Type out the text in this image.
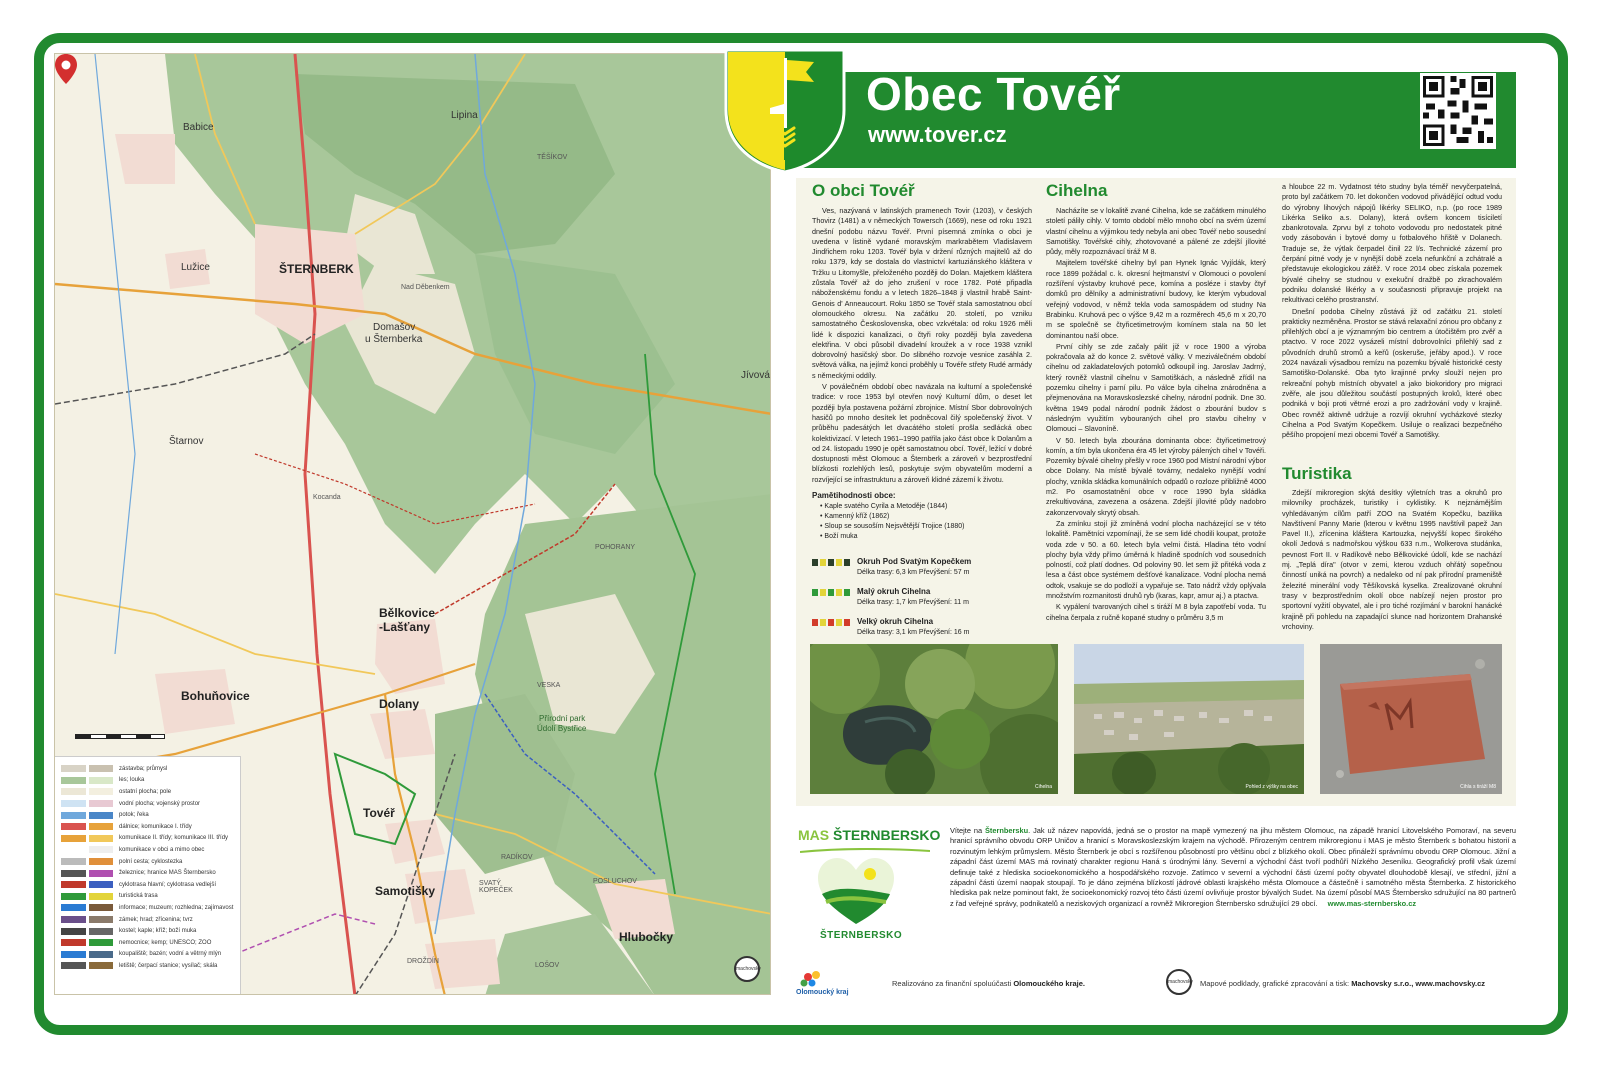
ŠTERNBERK
Bělkovice
-Lašťany
Dolany
Bohuňovice
Samotišky
Tovéř
Hlubočky
Jívová
Štarnov
Babice
Lužice
Lipina
TĚŠÍKOV
Domašov
u Šternberka
POHORANY
VESKA
RADÍKOV
SVATÝ KOPEČEK
POSLUCHOV
DROŽDÍN
LOŠOV
Přírodní park
Údolí Bystřice
Kocanda
Nad Děbenkem
zástavba; průmysl
les; louka
ostatní plocha; pole
vodní plocha; vojenský prostor
potok; řeka
dálnice; komunikace I. třídy
komunikace II. třídy; komunikace III. třídy
komunikace v obci a mimo obec
polní cesta; cyklostezka
železnice; hranice MAS Šternbersko
cyklotrasa hlavní; cyklotrasa vedlejší
turistická trasa
informace; muzeum; rozhledna; zajímavost
zámek; hrad; zřícenina; tvrz
kostel; kaple; kříž; boží muka
nemocnice; kemp; UNESCO; ZOO
koupaliště; bazén; vodní a větrný mlýn
letiště; čerpací stanice; vysílač; skála
machovsky
Obec Tovéř
www.tover.cz
O obci Tovéř

Ves, nazývaná v latinských pramenech Tovir (1203), v českých Thovirz (1481) a v německých Towersch (1669), nese od roku 1921 dnešní podobu názvu Tovéř. První písemná zmínka o obci je uvedena v listině vydané moravským markrabětem Vladislavem Jindřichem roku 1203. Tovéř byla v držení různých majitelů až do roku 1379, kdy se dostala do vlastnictví kartuziánského kláštera v Tržku u Litomyšle, přeloženého později do Dolan. Majetkem kláštera zůstala Tovéř až do jeho zrušení v roce 1782. Poté připadla náboženskému fondu a v letech 1826–1848 ji vlastnil hrabě Saint-Genois d' Anneaucourt. Roku 1850 se Tovéř stala samostatnou obcí olomouckého okresu. Na začátku 20. století, po vzniku samostatného Československa, obec vzkvétala: od roku 1926 měli lidé k dispozici kanalizaci, o čtyři roky později byla zavedena elektřina. V obci působil divadelní kroužek a v roce 1938 vznikl dobrovolný hasičský sbor. Do slibného rozvoje vesnice zasáhla 2. světová válka, na jejímž konci proběhly u Tovéře střety Rudé armády s německými oddíly.

V poválečném období obec navázala na kulturní a společenské tradice: v roce 1953 byl otevřen nový Kulturní dům, o deset let později byla postavena požární zbrojnice. Místní Sbor dobrovolných hasičů po mnoho desítek let podněcoval čilý společenský život. V průběhu padesátých let dvacátého století prošla sedlácká obec kolektivizací. V letech 1961–1990 patřila jako část obce k Dolanům a od 24. listopadu 1990 je opět samostatnou obcí. Tovéř, ležící v dobré dostupnosti měst Olomouc a Šternberk a zároveň v bezprostřední blízkosti rozlehlých lesů, poskytuje svým obyvatelům moderní a rozvíjející se infrastrukturu a zároveň klidné zázemí k životu.

Pamětihodnosti obce:

• Kaple svatého Cyrila a Metoděje (1844)
• Kamenný kříž (1862)
• Sloup se sousoším Nejsvětější Trojice (1880)
• Boží muka
Okruh Pod Svatým Kopečkem
Délka trasy: 6,3 km Převýšení: 57 m
Malý okruh Cihelna
Délka trasy: 1,7 km Převýšení: 11 m
Velký okruh Cihelna
Délka trasy: 3,1 km Převýšení: 16 m
Cihelna

Nacházíte se v lokalitě zvané Cihelna, kde se začátkem minulého století pálily cihly. V tomto období mělo mnoho obcí na svém území vlastní cihelnu a výjimkou tedy nebyla ani obec Tovéř nebo sousední Samotišky. Tovéřské cihly, zhotovované a pálené ze zdejší jílovité půdy, měly rozpoznávací tiráž M 8.

Majitelem tovéřské cihelny byl pan Hynek Ignác Vyjídák, který roce 1899 požádal c. k. okresní hejtmanství v Olomouci o povolení rozšíření výstavby kruhové pece, komína a posléze i stavby čtyř domků pro dělníky a administrativní budovy, ke kterým vybudoval veřejný vodovod, v němž tekla voda samospádem od studny Na Brabinku. Kruhová pec o výšce 9,42 m a rozměrech 45,6 m x 20,70 m se společně se čtyřicetimetrovým komínem stala na 50 let dominantou naší obce.

První cihly se zde začaly pálit již v roce 1900 a výroba pokračovala až do konce 2. světové války. V meziválečném období cihelnu od zakladatelových potomků odkoupil ing. Jaroslav Jadrný, který rovněž vlastnil cihelnu v Samotiškách, a následně zřídil na pozemku cihelny i parní pilu. Po válce byla cihelna znárodněna a přejmenována na Moravskoslezské cihelny, národní podnik. Dne 30. května 1949 podal národní podnik žádost o zbourání budov s následným využitím vybouraných cihel pro stavbu cihelny v Olomouci – Slavoníně.

V 50. letech byla zbourána dominanta obce: čtyřicetimetrový komín, a tím byla ukončena éra 45 let výroby pálených cihel v Tovéři. Pozemky bývalé cihelny přešly v roce 1960 pod Místní národní výbor obce Dolany. Na místě bývalé továrny, nedaleko nynější vodní plochy, vznikla skládka komunálních odpadů o rozloze přibližně 4000 m2. Po osamostatnění obce v roce 1990 byla skládka zrekultivována, zavezena a osázena. Zdejší jílovité půdy nadobro zakonzervovaly skrytý obsah.

Za zmínku stojí již zmíněná vodní plocha nacházející se v této lokalitě. Pamětníci vzpomínají, že se sem lidé chodili koupat, protože voda zde v 50. a 60. letech byla velmi čistá. Hladina této vodní plochy byla vždy přímo úměrná k hladině spodních vod sousedních polností, což platí dodnes. Od poloviny 90. let sem již přitéká voda z lesa a část obce systémem dešťové kanalizace. Vodní plocha nemá odtok, vsakuje se do podloží a vypařuje se. Tato nádrž vždy oplývala množstvím rozmanitosti druhů ryb (karas, kapr, amur aj.) a ptactva.

K vypálení tvarovaných cihel s tiráží M 8 byla zapotřebí voda. Tu cihelna čerpala z ručně kopané studny o průměru 3,5 m

a hloubce 22 m. Vydatnost této studny byla téměř nevyčerpatelná, proto byl začátkem 70. let dokončen vodovod přivádějící odtud vodu do výrobny lihových nápojů likérky SELIKO, n.p. (po roce 1989 Likérka Seliko a.s. Dolany), která ovšem koncem tisíciletí zbankrotovala. Zprvu byl z tohoto vodovodu pro nedostatek pitné vody zásobován i bytové domy u fotbalového hřiště v Dolanech. Traduje se, že výtlak čerpadel činil 22 l/s. Technické zázemí pro čerpání pitné vody je v nynější době zcela nefunkční a zchátralé a představuje ekologickou zátěž. V roce 2014 obec získala pozemek bývalé cihelny se studnou v exekuční dražbě po zkrachovalém podniku dolanské likérky a v současnosti připravuje projekt na rekultivaci celého prostranství.

Dnešní podoba Cihelny zůstává již od začátku 21. století prakticky nezměněna. Prostor se stává relaxační zónou pro občany z přilehlých obcí a je významným bio centrem a útočištěm pro zvěř a ptactvo. V roce 2022 vysázeli místní dobrovolníci přilehlý sad z původních druhů stromů a keřů (oskeruše, jeřáby apod.). V roce 2024 navázali výsadbou remízu na pozemku bývalé historické cesty Samotiško-Dolanské. Oba tyto krajinné prvky slouží nejen pro rekreační pohyb místních obyvatel a jako biokoridory pro migraci zvěře, ale jsou důležitou součástí postupných kroků, které obec podniká v boji proti větrné erozi a pro zadržování vody v krajině. Obec rovněž aktivně udržuje a rozvíjí okruhní vycházkové stezky Cihelna a Pod Svatým Kopečkem. Usiluje o realizaci bezpečného pěšího propojení mezi obcemi Tovéř a Samotišky.

Turistika

Zdejší mikroregion skýtá desítky výletních tras a okruhů pro milovníky procházek, turistiky i cyklistiky. K nejznámějším vyhledávaným cílům patří ZOO na Svatém Kopečku, bazilika Navštívení Panny Marie (kterou v květnu 1995 navštívil papež Jan Pavel II.), zřícenina kláštera Kartouzka, nejvyšší kopec širokého okolí Jedová s nadmořskou výškou 633 n.m., Wolkerova studánka, pevnost Fort II. v Radíkově nebo Bělkovické údolí, kde se nachází mj. „Teplá díra" (otvor v zemi, kterou vzduch ohřátý sopečnou činností uniká na povrch) a nedaleko od ní pak přírodní prameniště železité minerální vody Těšíkovská kyselka. Zrealizované okruhní trasy v bezprostředním okolí obce nabízejí nejen prostor pro sportovní vyžití obyvatel, ale i pro tiché rozjímání v barokní hanácké krajině při pohledu na zapadající slunce nad horizontem Drahanské vrchoviny.

Cihelna	Pohled z výšky na obec	Cihla s tiráží M8
MAS ŠTERNBERSKO
ŠTERNBERSKO
Vítejte na Šternbersku. Jak už název napovídá, jedná se o prostor na mapě vymezený na jihu městem Olomouc, na západě hranicí Litovelského Pomoraví, na severu hranicí správního obvodu ORP Uničov a hranicí s Moravskoslezským krajem na východě. Přirozeným centrem mikroregionu i MAS je město Šternberk s bohatou historií a rozvinutým lehkým průmyslem. Město Šternberk je obcí s rozšířenou působností pro většinu obcí z blízkého okolí. Obec přináleží správnímu obvodu ORP Olomouc. Jižní a západní část území MAS má rovinatý charakter regionu Haná s úrodnými lány. Severní a východní část tvoří podhůří Nízkého Jeseníku. Geografický profil však území definuje také z hlediska socioekonomického a hospodářského rozvoje. Zatímco v severní a východní části území počty obyvatel dlouhodobě klesají, ve střední, jižní a západní části území naopak stoupají. To je dáno zejména blízkostí jádrové oblasti krajského města Olomouce a částečně i samotného města Šternberka. Z historického hlediska pak nelze pominout fakt, že socioekonomický rozvoj této části území ovlivňuje prostor bývalých Sudet. Na území působí MAS Šternbersko sdružující na 80 partnerů z řad veřejné správy, podnikatelů a neziskových organizací a rovněž Mikroregion Šternbersko sdružující 29 obcí. www.mas-sternbersko.cz
Olomoucký kraj
Realizováno za finanční spoluúčasti Olomouckého kraje.	machovsky Mapové podklady, grafické zpracování a tisk: Machovsky s.r.o., www.machovsky.cz
